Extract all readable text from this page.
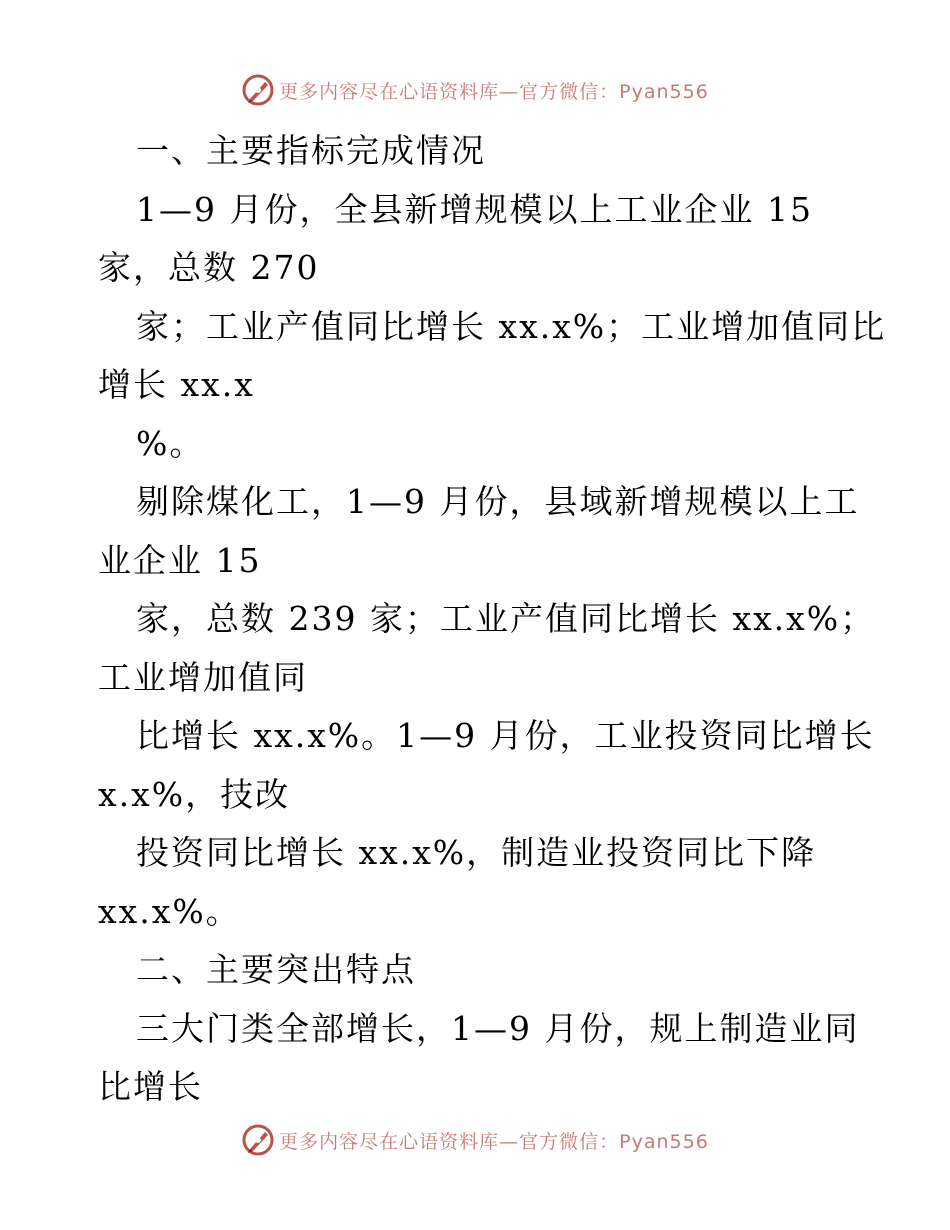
更多内容尽在心语资料库—官方微信：Pyan556
一、主要指标完成情况
1—9 月份，全县新增规模以上工业企业 15
家，总数 270
家；工业产值同比增长 xx.x%；工业增加值同比
增长 xx.x
%。
剔除煤化工，1—9 月份，县域新增规模以上工
业企业 15
家，总数 239 家；工业产值同比增长 xx.x%；
工业增加值同
比增长 xx.x%。1—9 月份，工业投资同比增长
x.x%，技改
投资同比增长 xx.x%，制造业投资同比下降
xx.x%。
二、主要突出特点
三大门类全部增长，1—9 月份，规上制造业同
比增长
更多内容尽在心语资料库—官方微信：Pyan556
